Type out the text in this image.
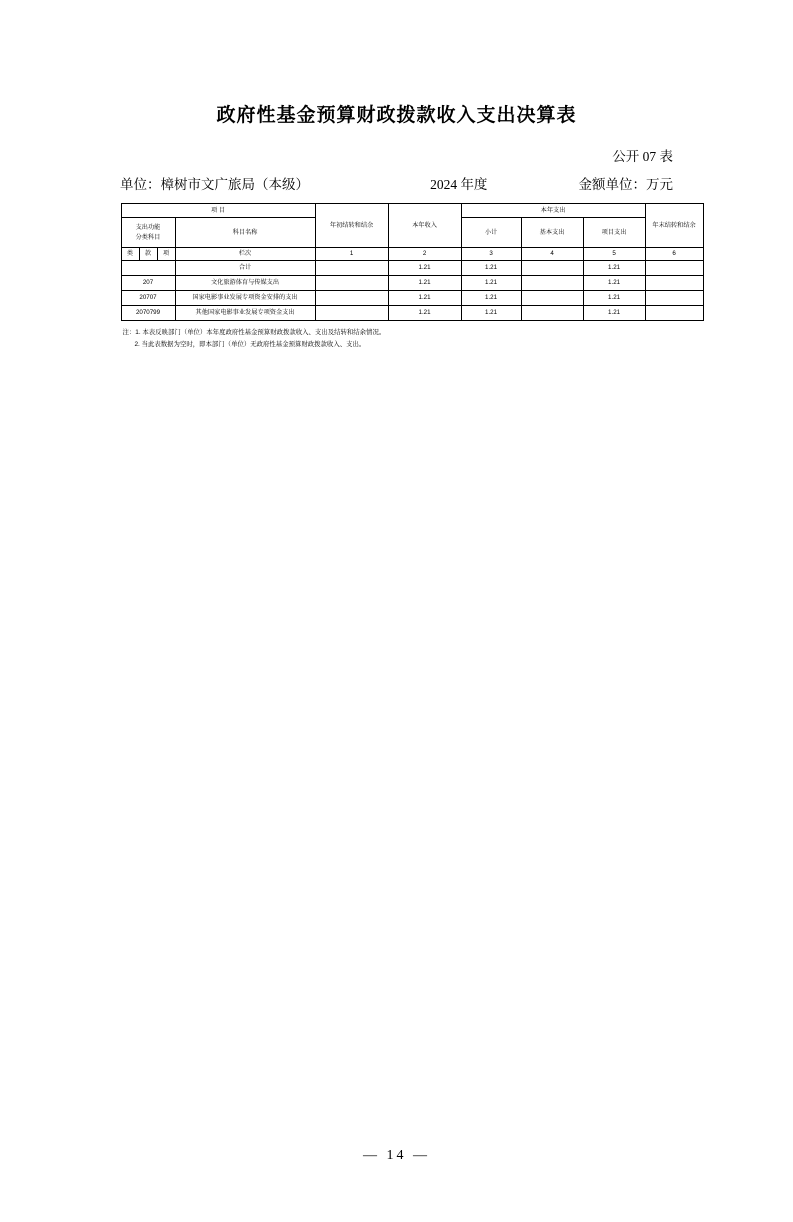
政府性基金预算财政拨款收入支出决算表
公开 07 表
单位：樟树市文广旅局（本级）	2024 年度	金额单位：万元
项 目				年初结转和结余	本年收入	本年支出			年末结转和结余

支出功能
分类科目			科目名称			小计	基本支出	项目支出	

类	款	项	栏次	1	2	3	4	5	6
			合计		1.21	1.21		1.21	
207			文化旅游体育与传媒支出		1.21	1.21		1.21	
20707			国家电影事业发展专项资金安排的支出		1.21	1.21		1.21	
2070799			其他国家电影事业发展专项资金支出		1.21	1.21		1.21	
注：1. 本表反映部门（单位）本年度政府性基金预算财政拨款收入、支出及结转和结余情况。
2. 当此表数据为空时，即本部门（单位）无政府性基金预算财政拨款收入、支出。
— 14 —
